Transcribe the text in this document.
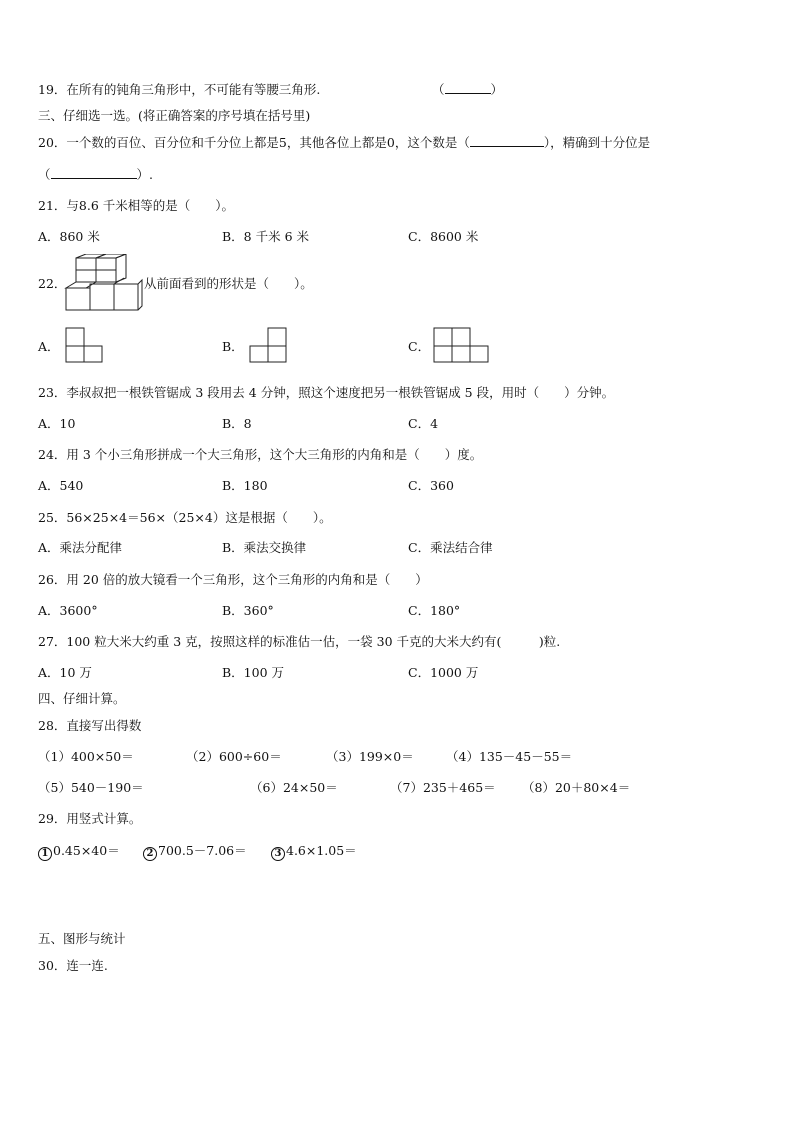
19．在所有的钝角三角形中，不可能有等腰三角形.	（	）
三、仔细选一选。(将正确答案的序号填在括号里)
20．一个数的百位、百分位和千分位上都是5，其他各位上都是0，这个数是（	），精确到十分位是
（	）.
21．与8.6 千米相等的是（　　）。
A．860 米	B．8 千米 6 米	C．8600 米
22．	从前面看到的形状是（　　）。
A．	B．	C．
23．李叔叔把一根铁管锯成 3 段用去 4 分钟，照这个速度把另一根铁管锯成 5 段，用时（　　）分钟。
A．10	B．8	C．4
24．用 3 个小三角形拼成一个大三角形，这个大三角形的内角和是（　　）度。
A．540	B．180	C．360
25．56×25×4＝56×（25×4）这是根据（　　）。
A．乘法分配律	B．乘法交换律	C．乘法结合律
26．用 20 倍的放大镜看一个三角形，这个三角形的内角和是（　　）
A．3600°	B．360°	C．180°
27．100 粒大米大约重 3 克，按照这样的标准估一估，一袋 30 千克的大米大约有(　　　)粒.
A．10 万	B．100 万	C．1000 万
四、仔细计算。
28．直接写出得数
（1）400×50＝	（2）600÷60＝	（3）199×0＝	（4）135－45－55＝
（5）540－190＝	（6）24×50＝	（7）235＋465＝ （8）20＋80×4＝
29．用竖式计算。
1 0.45×40＝	2 700.5－7.06＝	3 4.6×1.05＝
五、图形与统计
30．连一连.
